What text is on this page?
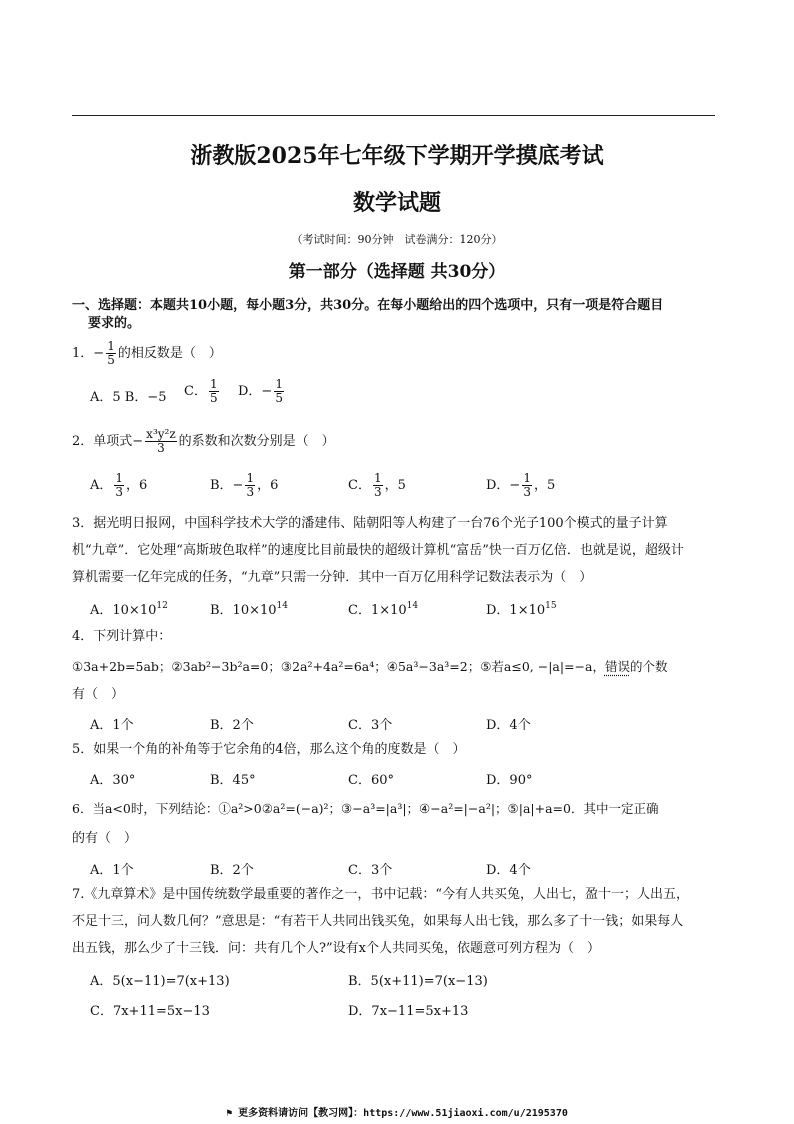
浙教版2025年七年级下学期开学摸底考试
数学试题
（考试时间：90分钟　试卷满分：120分）
第一部分（选择题 共30分）
一、选择题：本题共10小题，每小题3分，共30分。在每小题给出的四个选项中，只有一项是符合题目
要求的。
1．− $\frac{1}{5}$ 的相反数是（　）
A．5 B．−5 C． $\frac{1}{5}$ D．− $\frac{1}{5}$
2．单项式− $\frac{\text{x³y²z}}{3}$ 的系数和次数分别是（　）
A． $\frac{1}{3}$ ，6	B．− $\frac{1}{3}$ ，6	C． $\frac{1}{3}$ ，5	D．− $\frac{1}{3}$ ，5
3．据光明日报网，中国科学技术大学的潘建伟、陆朝阳等人构建了一台76个光子100个模式的量子计算
机“九章”．它处理“高斯玻色取样”的速度比目前最快的超级计算机“富岳”快一百万亿倍．也就是说，超级计
算机需要一亿年完成的任务，“九章”只需一分钟．其中一百万亿用科学记数法表示为（　）
A．$10\times 10^{12}$	B．$10\times 10^{14}$	C．$1\times 10^{14}$	D．$1\times 10^{15}$
4．下列计算中：
①3a+2b=5ab；②3ab²−3b²a=0；③2a²+4a²=6a⁴；④5a³−3a³=2；⑤若a≤0, −|a|=−a，错误的个数
有（　）
A．1个	B．2个	C．3个	D．4个
5．如果一个角的补角等于它余角的4倍，那么这个角的度数是（　）
A．30°	B．45°	C．60°	D．90°
6．当a<0时，下列结论：①a²>0②a²=(−a)²；③−a³=|a³|；④−a²=|−a²|；⑤|a|+a=0．其中一定正确
的有（　）
A．1个	B．2个	C．3个	D．4个
7.《九章算术》是中国传统数学最重要的著作之一，书中记载：“今有人共买兔，人出七，盈十一；人出五，
不足十三，问人数几何？”意思是：“有若干人共同出钱买兔，如果每人出七钱，那么多了十一钱；如果每人
出五钱，那么少了十三钱．问：共有几个人?”设有x个人共同买兔，依题意可列方程为（　）
A．5(x−11)=7(x+13)	B．5(x+11)=7(x−13)
C．7x+11=5x−13	D．7x−11=5x+13
⚑ 更多资料请访问【教习网】：https://www.51jiaoxi.com/u/2195370
